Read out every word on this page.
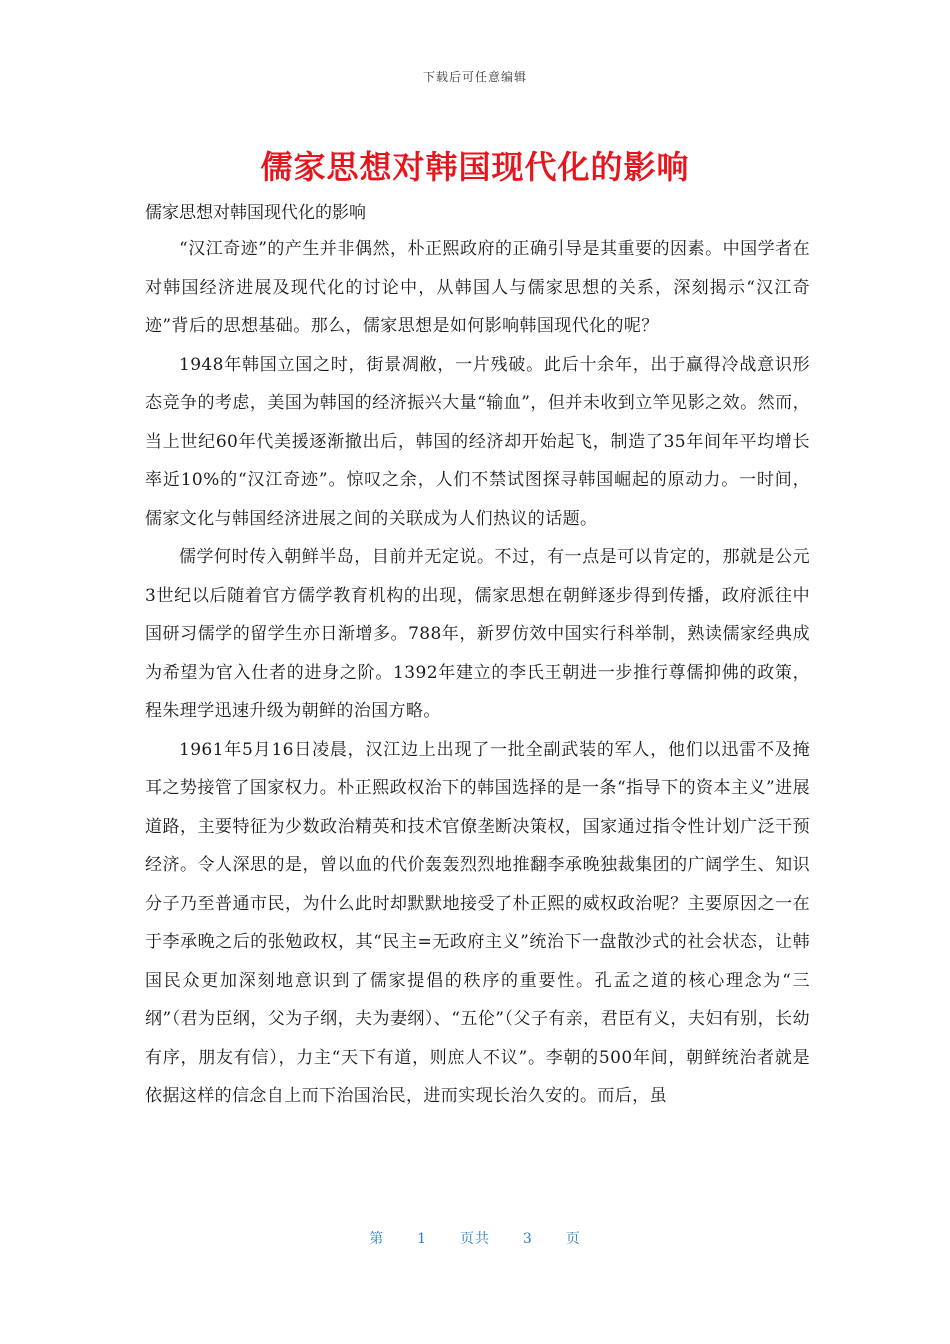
下载后可任意编辑
儒家思想对韩国现代化的影响

儒家思想对韩国现代化的影响

“汉江奇迹”的产生并非偶然，朴正熙政府的正确引导是其重要的因素。中国学者在对韩国经济进展及现代化的讨论中，从韩国人与儒家思想的关系，深刻揭示“汉江奇迹”背后的思想基础。那么，儒家思想是如何影响韩国现代化的呢？

1948年韩国立国之时，街景凋敝，一片残破。此后十余年，出于赢得冷战意识形态竞争的考虑，美国为韩国的经济振兴大量“输血”，但并未收到立竿见影之效。然而，当上世纪60年代美援逐渐撤出后，韩国的经济却开始起飞，制造了35年间年平均增长率近10%的“汉江奇迹”。惊叹之余，人们不禁试图探寻韩国崛起的原动力。一时间，儒家文化与韩国经济进展之间的关联成为人们热议的话题。

儒学何时传入朝鲜半岛，目前并无定说。不过，有一点是可以肯定的，那就是公元3世纪以后随着官方儒学教育机构的出现，儒家思想在朝鲜逐步得到传播，政府派往中国研习儒学的留学生亦日渐增多。788年，新罗仿效中国实行科举制，熟读儒家经典成为希望为官入仕者的进身之阶。1392年建立的李氏王朝进一步推行尊儒抑佛的政策，程朱理学迅速升级为朝鲜的治国方略。

1961年5月16日凌晨，汉江边上出现了一批全副武装的军人，他们以迅雷不及掩耳之势接管了国家权力。朴正熙政权治下的韩国选择的是一条“指导下的资本主义”进展道路，主要特征为少数政治精英和技术官僚垄断决策权，国家通过指令性计划广泛干预经济。令人深思的是，曾以血的代价轰轰烈烈地推翻李承晚独裁集团的广阔学生、知识分子乃至普通市民，为什么此时却默默地接受了朴正熙的威权政治呢？主要原因之一在于李承晚之后的张勉政权，其“民主=无政府主义”统治下一盘散沙式的社会状态，让韩国民众更加深刻地意识到了儒家提倡的秩序的重要性。孔孟之道的核心理念为“三纲”（君为臣纲，父为子纲，夫为妻纲）、“五伦”（父子有亲，君臣有义，夫妇有别，长幼有序，朋友有信），力主“天下有道，则庶人不议”。李朝的500年间，朝鲜统治者就是依据这样的信念自上而下治国治民，进而实现长治久安的。而后，虽

第 1 页共 3 页
